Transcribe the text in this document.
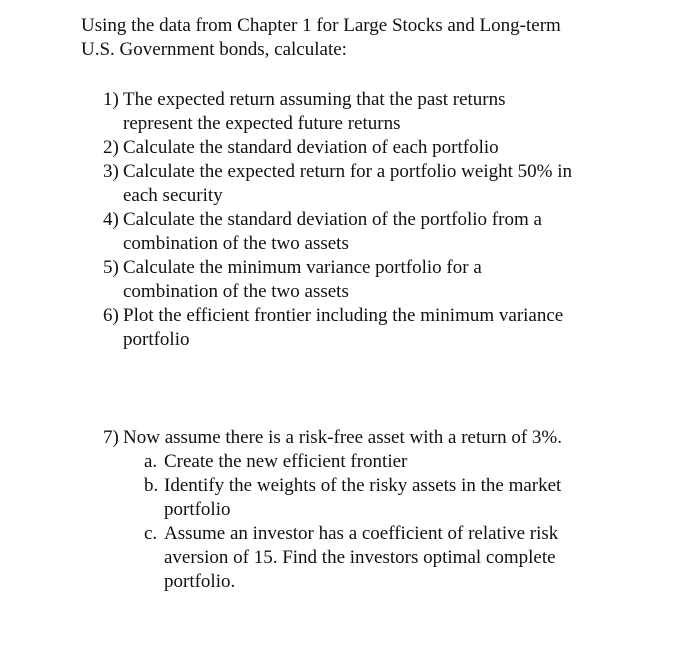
Using the data from Chapter 1 for Large Stocks and Long-term

U.S. Government bonds, calculate:

1) The expected return assuming that the past returns
represent the expected future returns
2) Calculate the standard deviation of each portfolio
3) Calculate the expected return for a portfolio weight 50% in
each security
4) Calculate the standard deviation of the portfolio from a
combination of the two assets
5) Calculate the minimum variance portfolio for a
combination of the two assets
6) Plot the efficient frontier including the minimum variance
portfolio
7) Now assume there is a risk-free asset with a return of 3%.
a. Create the new efficient frontier
b. Identify the weights of the risky assets in the market
portfolio
c. Assume an investor has a coefficient of relative risk
aversion of 15. Find the investors optimal complete
portfolio.
